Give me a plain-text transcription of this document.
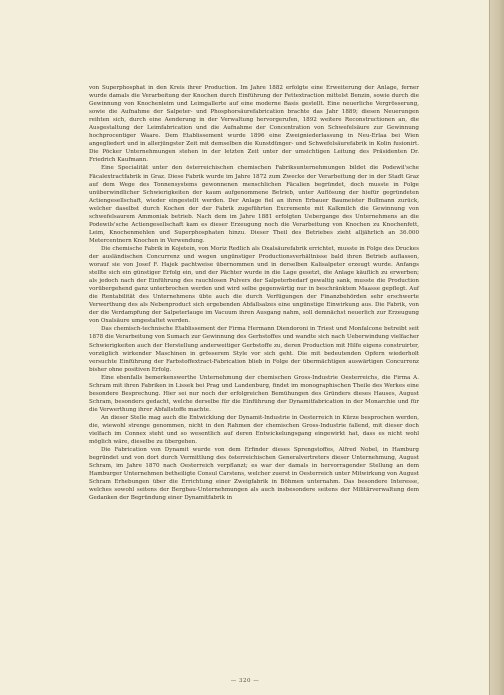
von Superphosphat in den Kreis ihrer Production. Im Jahre 1882 erfolgte eine Erweiterung der Anlage, ferner wurde damals die Verarbeitung der Knochen durch Einführung der Fettextraction mittelst Benzin, sowie durch die Gewinnung von Knochenleim und Leimgallerte auf eine moderne Basis gestellt. Eine neuerliche Vergrösserung, sowie die Aufnahme der Salpeter- und Phosphorsäurefabrication brachte das Jahr 1889; diesen Neuerungen reihten sich, durch eine Aenderung in der Verwaltung hervorgerufen, 1892 weitere Reconstructionen an, die Ausgestaltung der Leimfabrication und die Aufnahme der Concentration von Schwefelsäure zur Gewinnung hochprocentiger Waare. Dem Etablissement wurde 1896 eine Zweigniederlassung in Neu-Erlaa bei Wien angegliedert und in allerjüngster Zeit mit demselben die Kunstdünger- und Schwefelsäurefabrik in Kolin fusionirt. Die Pöcker Unternehmungen stehen in der letzten Zeit unter der umsichtigen Leitung des Präsidenten Dr. Friedrich Kaufmann.

Eine Specialität unter den österreichischen chemischen Fabriksunternehmungen bildet die Podewil'sche Fäcalextractfabrik in Graz. Diese Fabrik wurde im Jahre 1872 zum Zwecke der Verarbeitung der in der Stadt Graz auf dem Wege des Tonnensystems gewonnenen menschlichen Fäcalien begründet, doch musste in Folge unüberwindlicher Schwierigkeiten der kaum aufgenommene Betrieb, unter Auflösung der hiefür gegründeten Actiengesellschaft, wieder eingestellt werden. Der Anlage fiel an ihren Erbauer Baumeister Bullmann zurück, welcher daselbst durch Kochen der der Fabrik zugeführten Excremente mit Kalkmilch die Gewinnung von schwefelsaurem Ammoniak betrieb. Nach dem im Jahre 1881 erfolgten Uebergange des Unternehmens an die Podewils'sche Actiengesellschaft kam es dieser Erzeugung noch die Verarbeitung von Knochen zu Knochenfett, Leim, Knochenmehlen und Superphosphaten hinzu. Dieser Theil des Betriebes zieht alljährlich an 36.000 Metercentnern Knochen in Verwendung.

Die chemische Fabrik in Kojetein, von Moriz Redlich als Oxalsäurefabrik errichtet, musste in Folge des Druckes der ausländischen Concurrenz und wegen ungünstiger Productionsverhältnisse bald ihren Betrieb auflassen, worauf sie von Josef F. Hajek pachtweise übernommen und in derselben Kalisalpeter erzeugt wurde. Anfangs stellte sich ein günstiger Erfolg ein, und der Pächter wurde in die Lage gesetzt, die Anlage käuflich zu erwerben; als jedoch nach der Einführung des rauchlosen Pulvers der Salpeterbedarf gewaltig sank, musste die Production vorübergehend ganz unterbrochen werden und wird selbe gegenwärtig nur in beschränktem Maasse gepflegt. Auf die Rentabilität des Unternehmens übte auch die durch Verfügungen der Finanzbehörden sehr erschwerte Verwerthung des als Nebenproduct sich ergebenden Abfallsalzes eine ungünstige Einwirkung aus. Die Fabrik, von der die Verdampfung der Salpeterlauge im Vacuum ihren Ausgang nahm, soll demnächst neuerlich zur Erzeugung von Oxalsäure umgestaltet werden.

Das chemisch-technische Etablissement der Firma Hermann Diendoroni in Triest und Monfalcone betreibt seit 1878 die Verarbeitung von Sumach zur Gewinnung des Gerbstoffes und wandte sich nach Ueberwindung vielfacher Schwierigkeiten auch der Herstellung anderweitiger Gerbstoffe zu, deren Production mit Hilfe eigens construirter, vorzüglich wirkender Maschinen in grösserem Style vor sich geht. Die mit bedeutenden Opfern wiederholt versuchte Einführung der Farbstoffextract-Fabrication blieb in Folge der übermächtigen auswärtigen Concurrenz bisher ohne positiven Erfolg.

Eine ebenfalls bemerkenswerthe Unternehmung der chemischen Gross-Industrie Oesterreichs, die Firma A. Schram mit ihren Fabriken in Lissek bei Prag und Landenburg, findet im monographischen Theile des Werkes eine besondere Besprechung. Hier sei nur noch der erfolgreichen Bemühungen des Gründers dieses Hauses, August Schram, besonders gedacht, welche derselbe für die Einführung der Dynamitfabrication in der Monarchie und für die Verwerthung ihrer Abfallstoffe machte.

An dieser Stelle mag auch die Entwicklung der Dynamit-Industrie in Oesterreich in Kürze besprochen werden, die, wiewohl strenge genommen, nicht in den Rahmen der chemischen Gross-Industrie fallend, mit dieser doch vielfach im Connex steht und so wesentlich auf deren Entwickelungsgang eingewirkt hat, dass es nicht wohl möglich wäre, dieselbe zu übergehen.

Die Fabrication von Dynamit wurde von dem Erfinder dieses Sprengstoffes, Alfred Nobel, in Hamburg begründet und von dort durch Vermittlung des österreichischen Generalvertreters dieser Unternehmung, August Schram, im Jahre 1870 nach Oesterreich verpflanzt; es war der damals in hervorragender Stellung an dem Hamburger Unternehmen betheiligte Consul Carstens, welcher zuerst in Oesterreich unter Mitwirkung von August Schram Erhebungen über die Errichtung einer Zweigfabrik in Böhmen unternahm. Das besondere Interesse, welches sowohl seitens der Bergbau-Unternehmungen als auch insbesondere seitens der Militärverwaltung dem Gedanken der Begründung einer Dynamitfabrik in

— 320 —
